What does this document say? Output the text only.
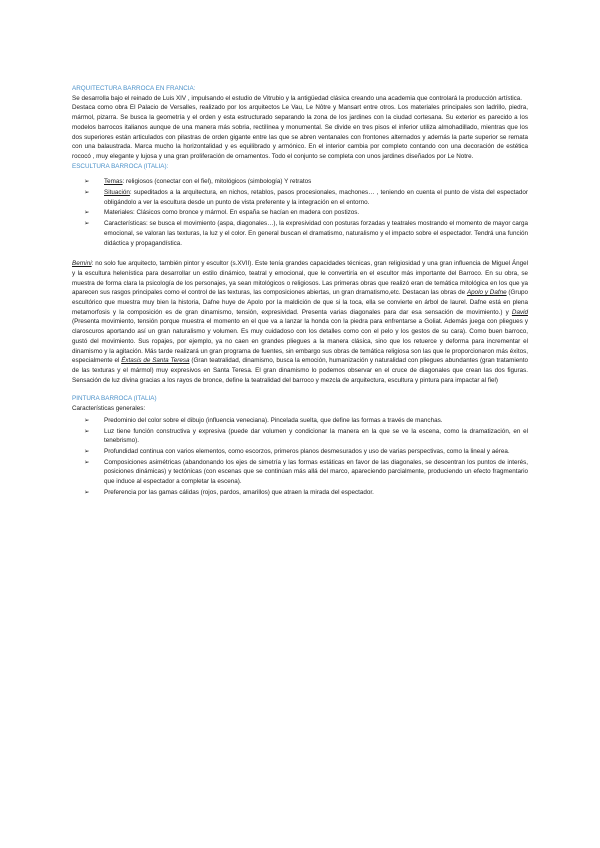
ARQUITECTURA BARROCA EN FRANCIA:

Se desarrolla bajo el reinado de Luis XIV , impulsando el estudio de Vitrubio y la antigüedad clásica creando una academia que controlará la producción artística.

Destaca como obra El Palacio de Versalles, realizado por los arquitectos Le Vau, Le Nôtre y Mansart entre otros. Los materiales principales son ladrillo, piedra, mármol, pizarra. Se busca la geometría y el orden y esta estructurado separando la zona de los jardines con la ciudad cortesana. Su exterior es parecido a los modelos barrocos italianos aunque de una manera más sobria, rectilínea y monumental. Se divide en tres pisos el inferior utiliza almohadillado, mientras que los dos superiores están articulados con pilastras de orden gigante entre las que se abren ventanales con frontones alternados y además la parte superior se remata con una balaustrada. Marca mucho la horizontalidad y es equilibrado y armónico. En el interior cambia por completo contando con una decoración de estética rococó , muy elegante y lujosa y una gran proliferación de ornamentos. Todo el conjunto se completa con unos jardines diseñados por Le Notre.

ESCULTURA BARROCA (ITALIA):
➢ Temas: religiosos (conectar con el fiel), mitológicos (simbología) Y retratos
➢ Situación: supeditados a la arquitectura, en nichos, retablos, pasos procesionales, machones… , teniendo en cuenta el punto de vista del espectador obligándolo a ver la escultura desde un punto de vista preferente y la integración en el entorno.
➢ Materiales: Clásicos como bronce y mármol. En españa se hacían en madera con postizos.
➢ Características: se busca el movimiento (aspa, diagonales…), la expresividad con posturas forzadas y teatrales mostrando el momento de mayor carga emocional, se valoran las texturas, la luz y el color. En general buscan el dramatismo, naturalismo y el impacto sobre el espectador. Tendrá una función didáctica y propagandística.

Bernini: no solo fue arquitecto, también pintor y escultor (s.XVII). Este tenía grandes capacidades técnicas, gran religiosidad y una gran influencia de Miguel Ángel y la escultura helenística para desarrollar un estilo dinámico, teatral y emocional, que le convertiría en el escultor más importante del Barroco. En su obra, se muestra de forma clara la psicología de los personajes, ya sean mitológicos o religiosos. Las primeras obras que realizó eran de temática mitológica en los que ya aparecen sus rasgos principales como el control de las texturas, las composiciones abiertas, un gran dramatismo,etc. Destacan las obras de Apolo y Dafne (Grupo escultórico que muestra muy bien la historia, Dafne huye de Apolo por la maldición de que si la toca, ella se convierte en árbol de laurel. Dafne está en plena metamorfosis y la composición es de gran dinamismo, tensión, expresividad. Presenta varias diagonales para dar esa sensación de movimiento.) y David (Presenta movimiento, tensión porque muestra el momento en el que va a lanzar la honda con la piedra para enfrentarse a Goliat. Además juega con pliegues y claroscuros aportando así un gran naturalismo y volumen. Es muy cuidadoso con los detalles como con el pelo y los gestos de su cara). Como buen barroco, gustó del movimiento. Sus ropajes, por ejemplo, ya no caen en grandes pliegues a la manera clásica, sino que los retuerce y deforma para incrementar el dinamismo y la agitación. Más tarde realizará un gran programa de fuentes, sin embargo sus obras de temática religiosa son las que le proporcionaron más éxitos, especialmente el Éxtasis de Santa Teresa (Gran teatralidad, dinamismo, busca la emoción, humanización y naturalidad con pliegues abundantes (gran tratamiento de las texturas y el mármol) muy expresivos en Santa Teresa. El gran dinamismo lo podemos observar en el cruce de diagonales que crean las dos figuras. Sensación de luz divina gracias a los rayos de bronce, define la teatralidad del barroco y mezcla de arquitectura, escultura y pintura para impactar al fiel)

PINTURA BARROCA (ITALIA)
Características generales:
➢ Predominio del color sobre el dibujo (influencia veneciana). Pincelada suelta, que define las formas a través de manchas.
➢ Luz tiene función constructiva y expresiva (puede dar volumen y condicionar la manera en la que se ve la escena, como la dramatización, en el tenebrismo).
➢ Profundidad continua con varios elementos, como escorzos, primeros planos desmesurados y uso de varias perspectivas, como la lineal y aérea.
➢ Composiciones asimétricas (abandonando los ejes de simetría y las formas estáticas en favor de las diagonales, se descentran los puntos de interés, posiciones dinámicas) y tectónicas (con escenas que se continúan más allá del marco, apareciendo parcialmente, produciendo un efecto fragmentario que induce al espectador a completar la escena).
➢ Preferencia por las gamas cálidas (rojos, pardos, amarillos) que atraen la mirada del espectador.
